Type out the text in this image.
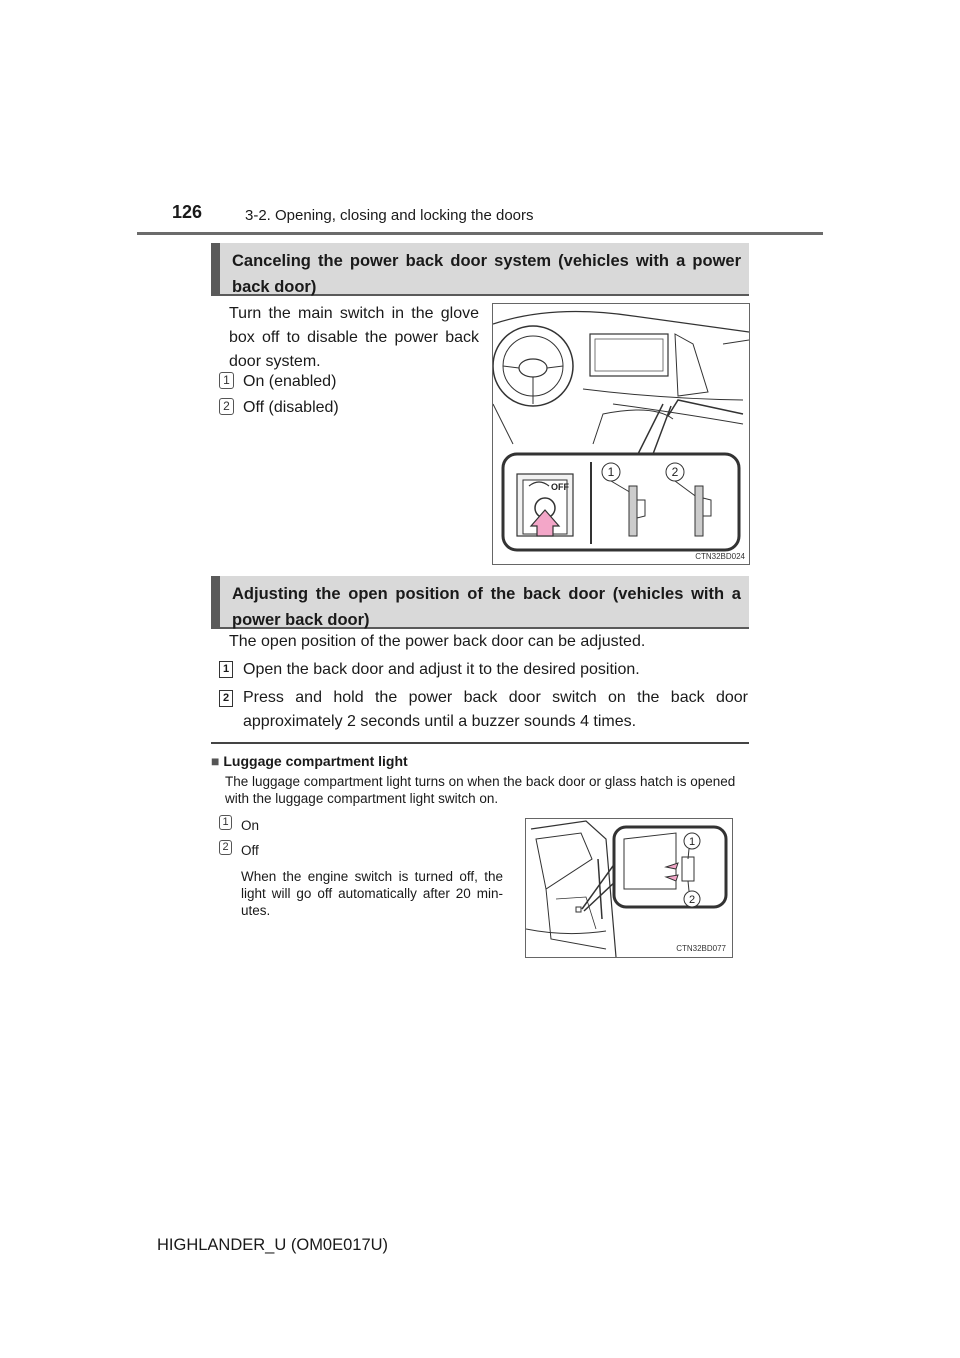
126	3-2. Opening, closing and locking the doors
Canceling the power back door system (vehicles with a power back door)
Turn the main switch in the glove box off to disable the power back door system.
1 On (enabled)
2 Off (disabled)
OFF
1	2
CTN32BD024
Adjusting the open position of the back door (vehicles with a power back door)
The open position of the power back door can be adjusted.
1 Open the back door and adjust it to the desired position.
2 Press and hold the power back door switch on the back door approximately 2 seconds until a buzzer sounds 4 times.
■ Luggage compartment light
The luggage compartment light turns on when the back door or glass hatch is opened with the luggage compartment light switch on.
1 On
2 Off
When the engine switch is turned off, the light will go off automatically after 20 min-utes.
1
2
CTN32BD077
HIGHLANDER_U (OM0E017U)
